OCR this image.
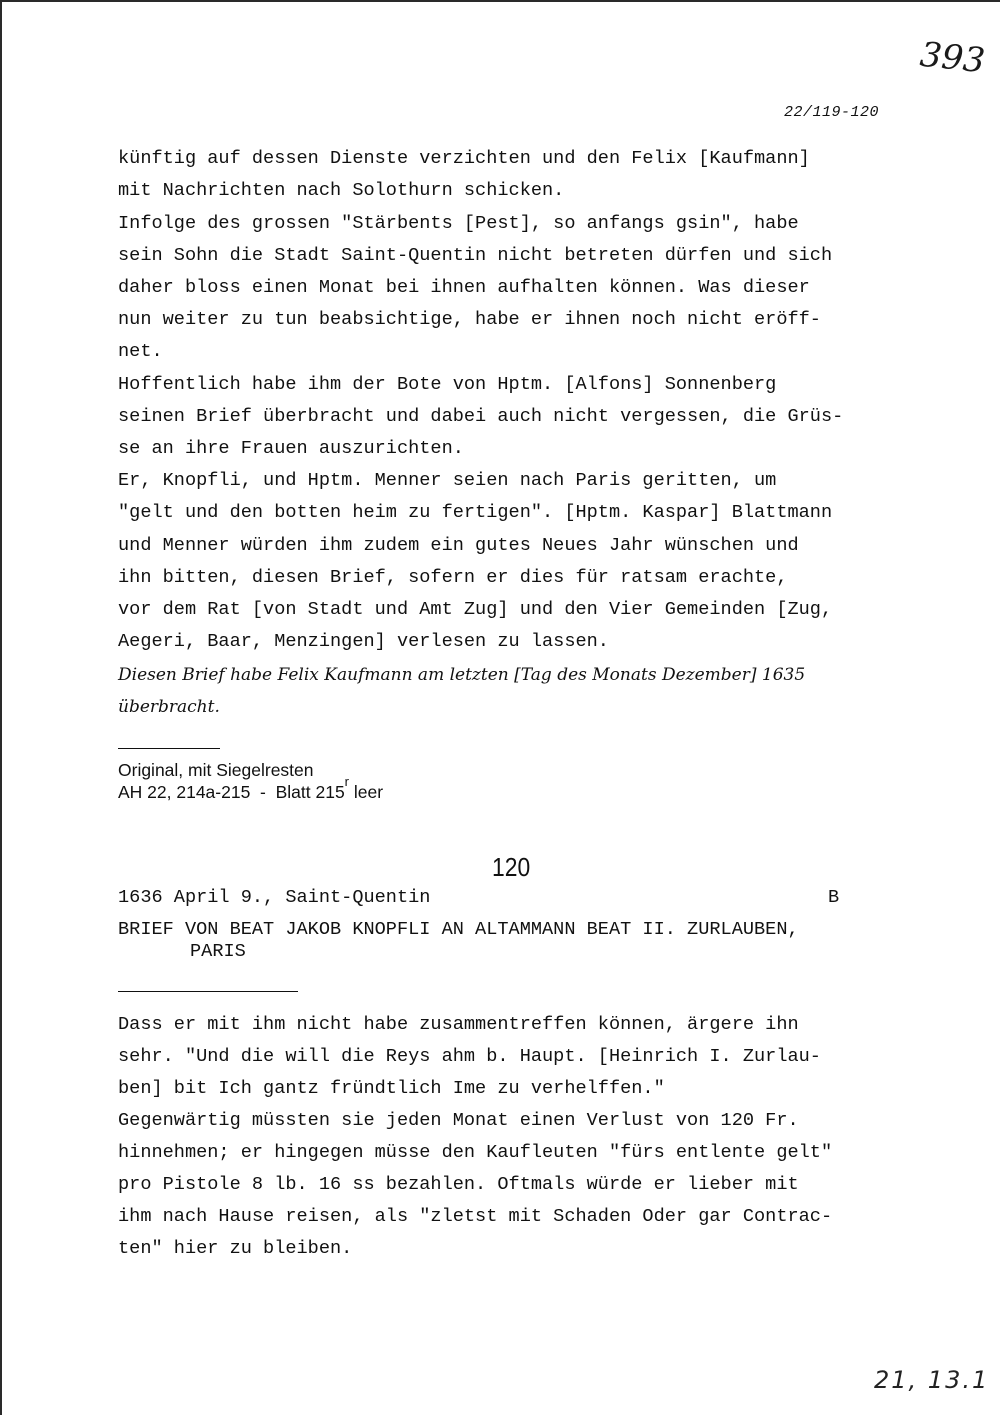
393
22/119-120
künftig auf dessen Dienste verzichten und den Felix [Kaufmann]
mit Nachrichten nach Solothurn schicken.
Infolge des grossen "Stärbents [Pest], so anfangs gsin", habe
sein Sohn die Stadt Saint-Quentin nicht betreten dürfen und sich
daher bloss einen Monat bei ihnen aufhalten können. Was dieser
nun weiter zu tun beabsichtige, habe er ihnen noch nicht eröff-
net.
Hoffentlich habe ihm der Bote von Hptm. [Alfons] Sonnenberg
seinen Brief überbracht und dabei auch nicht vergessen, die Grüs-
se an ihre Frauen auszurichten.
Er, Knopfli, und Hptm. Menner seien nach Paris geritten, um
"gelt und den botten heim zu fertigen". [Hptm. Kaspar] Blattmann
und Menner würden ihm zudem ein gutes Neues Jahr wünschen und
ihn bitten, diesen Brief, sofern er dies für ratsam erachte,
vor dem Rat [von Stadt und Amt Zug] und den Vier Gemeinden [Zug,
Aegeri, Baar, Menzingen] verlesen zu lassen.
Diesen Brief habe Felix Kaufmann am letzten [Tag des Monats Dezember] 1635
überbracht.
Original, mit Siegelresten
AH 22, 214a-215  -  Blatt 215$^r$ leer
120
1636 April 9., Saint-Quentin	B
BRIEF VON BEAT JAKOB KNOPFLI AN ALTAMMANN BEAT II. ZURLAUBEN,
PARIS
Dass er mit ihm nicht habe zusammentreffen können, ärgere ihn
sehr. "Und die will die Reys ahm b. Haupt. [Heinrich I. Zurlau-
ben] bit Ich gantz fründtlich Ime zu verhelffen."
Gegenwärtig müssten sie jeden Monat einen Verlust von 120 Fr.
hinnehmen; er hingegen müsse den Kaufleuten "fürs entlente gelt"
pro Pistole 8 lb. 16 ss bezahlen. Oftmals würde er lieber mit
ihm nach Hause reisen, als "zletst mit Schaden Oder gar Contrac-
ten" hier zu bleiben.
21, 13.1
